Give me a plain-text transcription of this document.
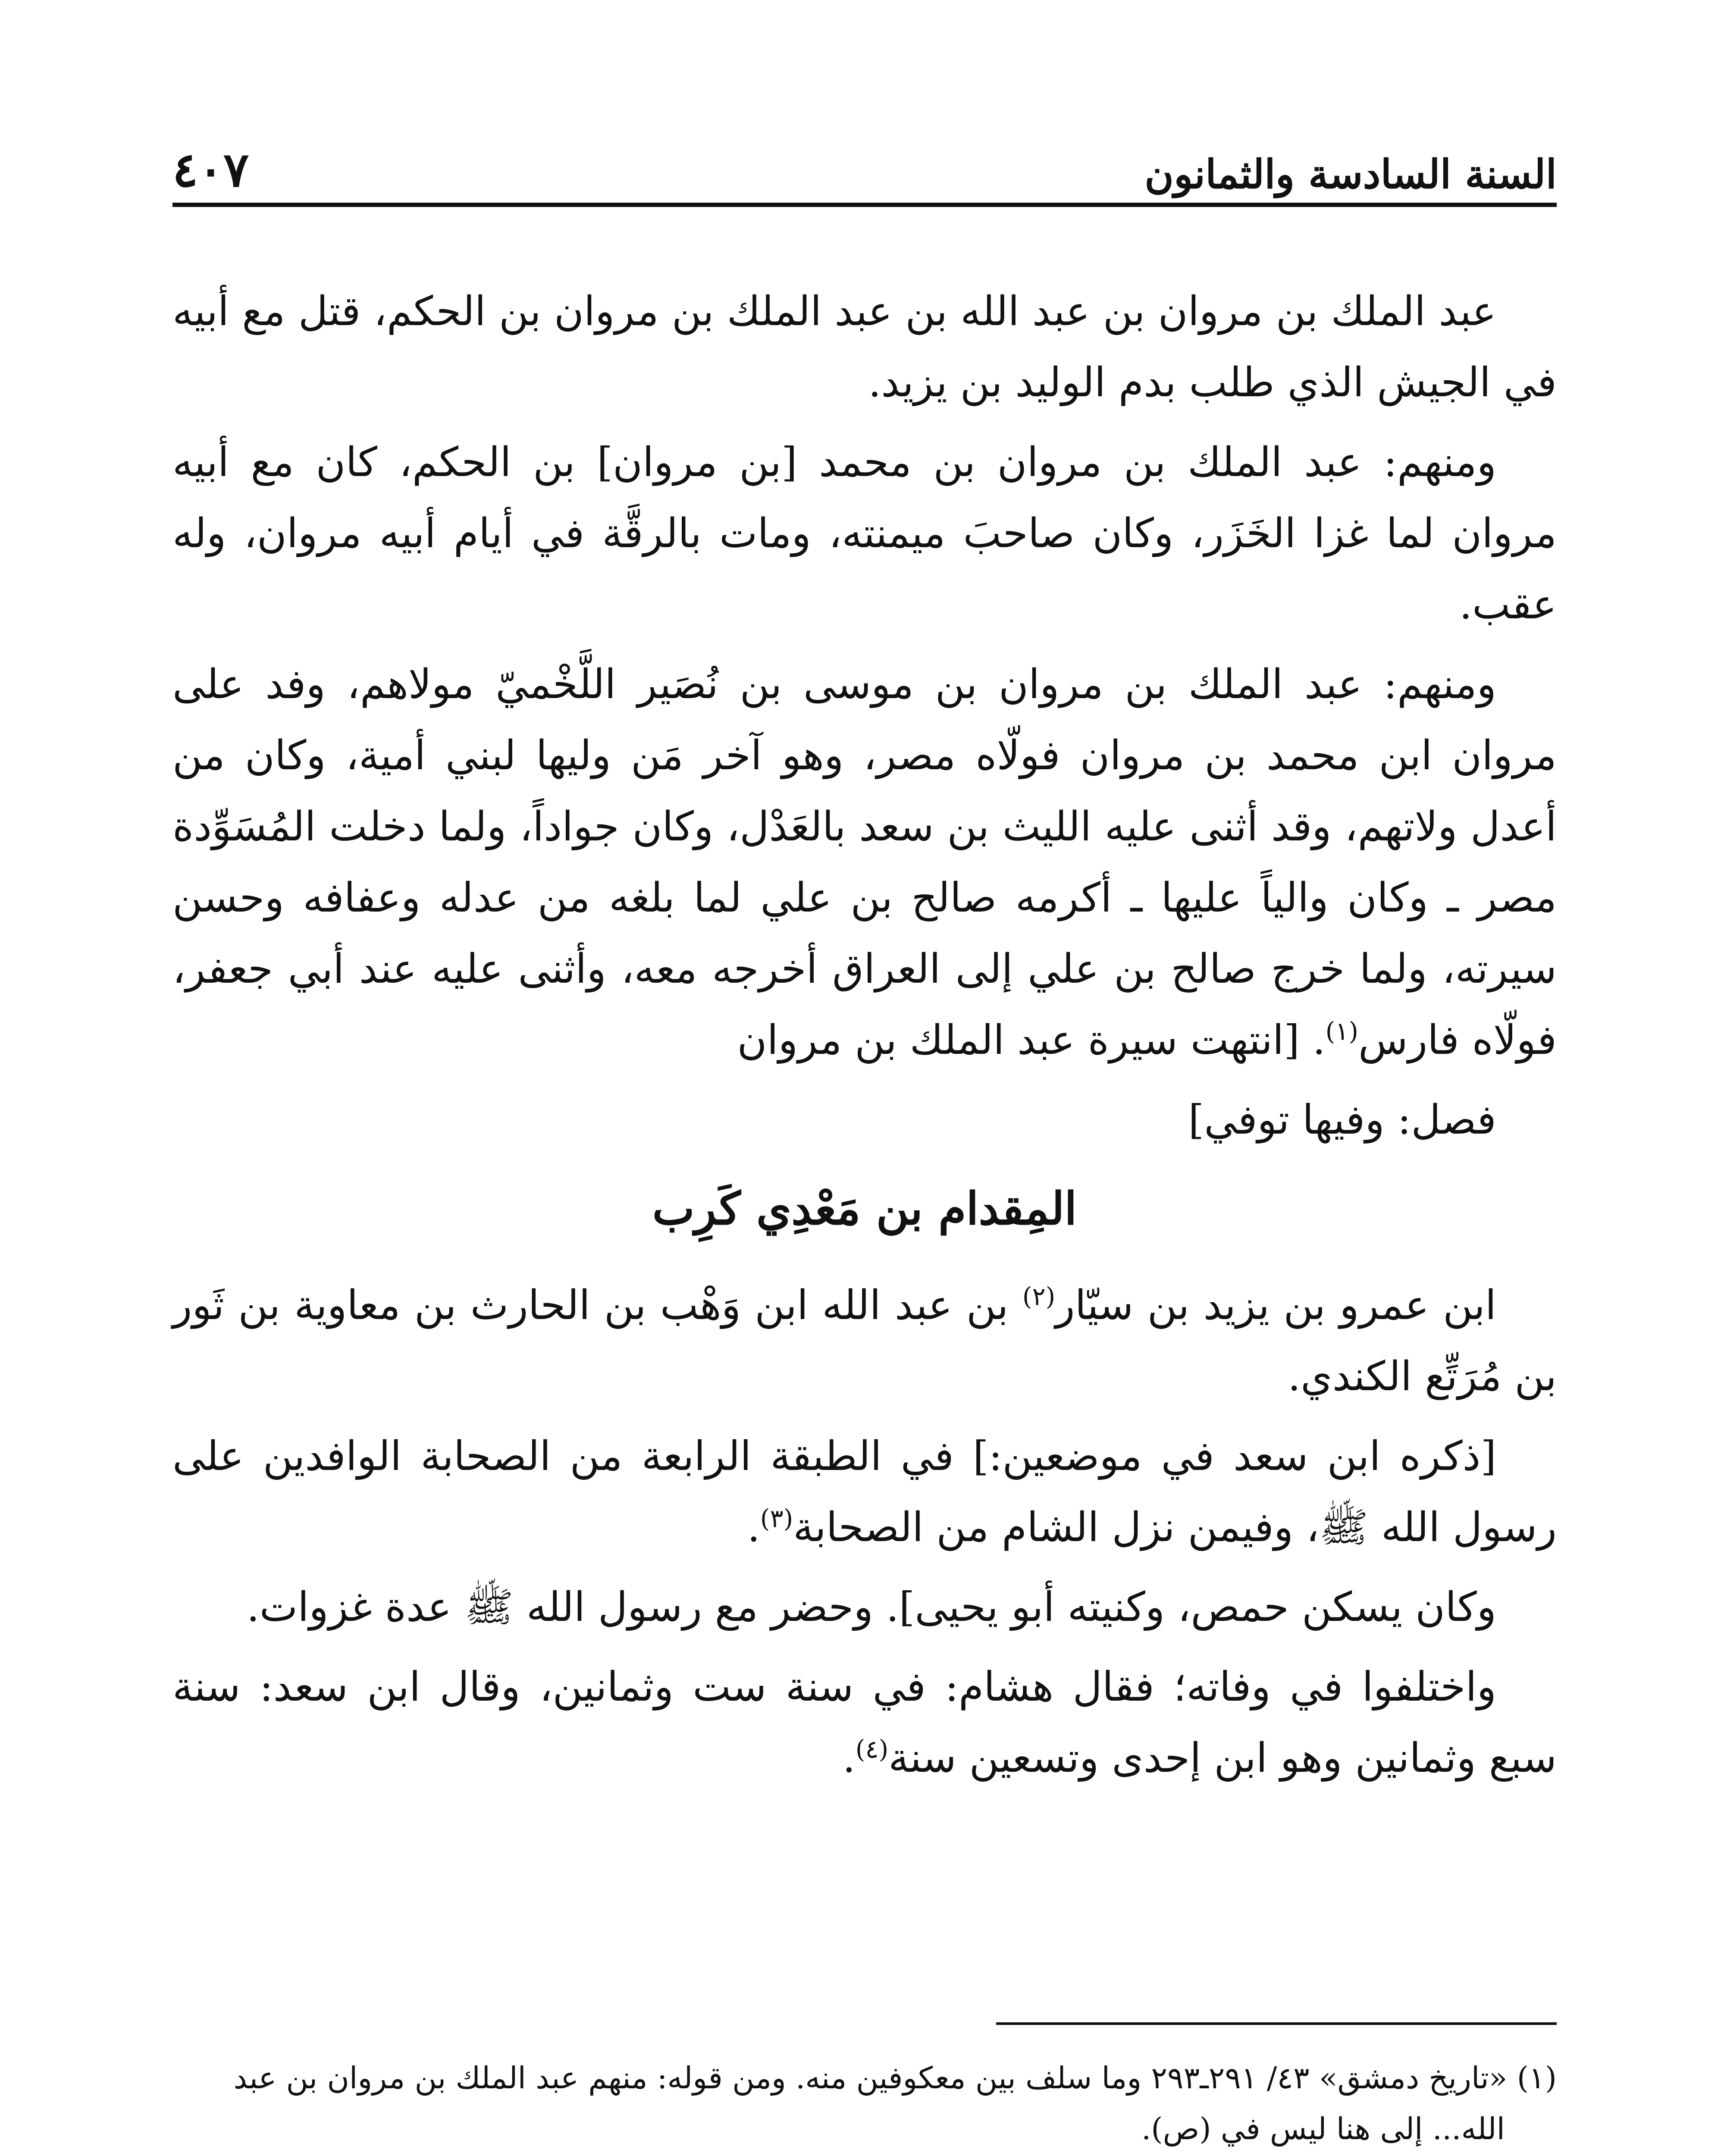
السنة السادسة والثمانون
٤٠٧

عبد الملك بن مروان بن عبد الله بن عبد الملك بن مروان بن الحكم، قتل مع أبيه في الجيش الذي طلب بدم الوليد بن يزيد.

ومنهم: عبد الملك بن مروان بن محمد [بن مروان] بن الحكم، كان مع أبيه مروان لما غزا الخَزَر، وكان صاحبَ ميمنته، ومات بالرقَّة في أيام أبيه مروان، وله عقب.

ومنهم: عبد الملك بن مروان بن موسى بن نُصَير اللَّخْميّ مولاهم، وفد على مروان ابن محمد بن مروان فولّاه مصر، وهو آخر مَن وليها لبني أمية، وكان من أعدل ولاتهم، وقد أثنى عليه الليث بن سعد بالعَدْل، وكان جواداً، ولما دخلت المُسَوِّدة مصر ـ وكان والياً عليها ـ أكرمه صالح بن علي لما بلغه من عدله وعفافه وحسن سيرته، ولما خرج صالح بن علي إلى العراق أخرجه معه، وأثنى عليه عند أبي جعفر، فولّاه فارس$^{(١)}$. [انتهت سيرة عبد الملك بن مروان

فصل: وفيها توفي]

المِقدام بن مَعْدِي كَرِب

ابن عمرو بن يزيد بن سيّار$^{(٢)}$ بن عبد الله ابن وَهْب بن الحارث بن معاوية بن ثَور بن مُرَتِّع الكندي.

[ذكره ابن سعد في موضعين:] في الطبقة الرابعة من الصحابة الوافدين على رسول الله ﷺ، وفيمن نزل الشام من الصحابة$^{(٣)}$.

وكان يسكن حمص، وكنيته أبو يحيى]. وحضر مع رسول الله ﷺ عدة غزوات.

واختلفوا في وفاته؛ فقال هشام: في سنة ست وثمانين، وقال ابن سعد: سنة سبع وثمانين وهو ابن إحدى وتسعين سنة$^{(٤)}$.

(١) «تاريخ دمشق» ٤٣/ ٢٩١ـ٢٩٣ وما سلف بين معكوفين منه. ومن قوله: منهم عبد الملك بن مروان بن عبد

الله... إلى هنا ليس في (ص).
